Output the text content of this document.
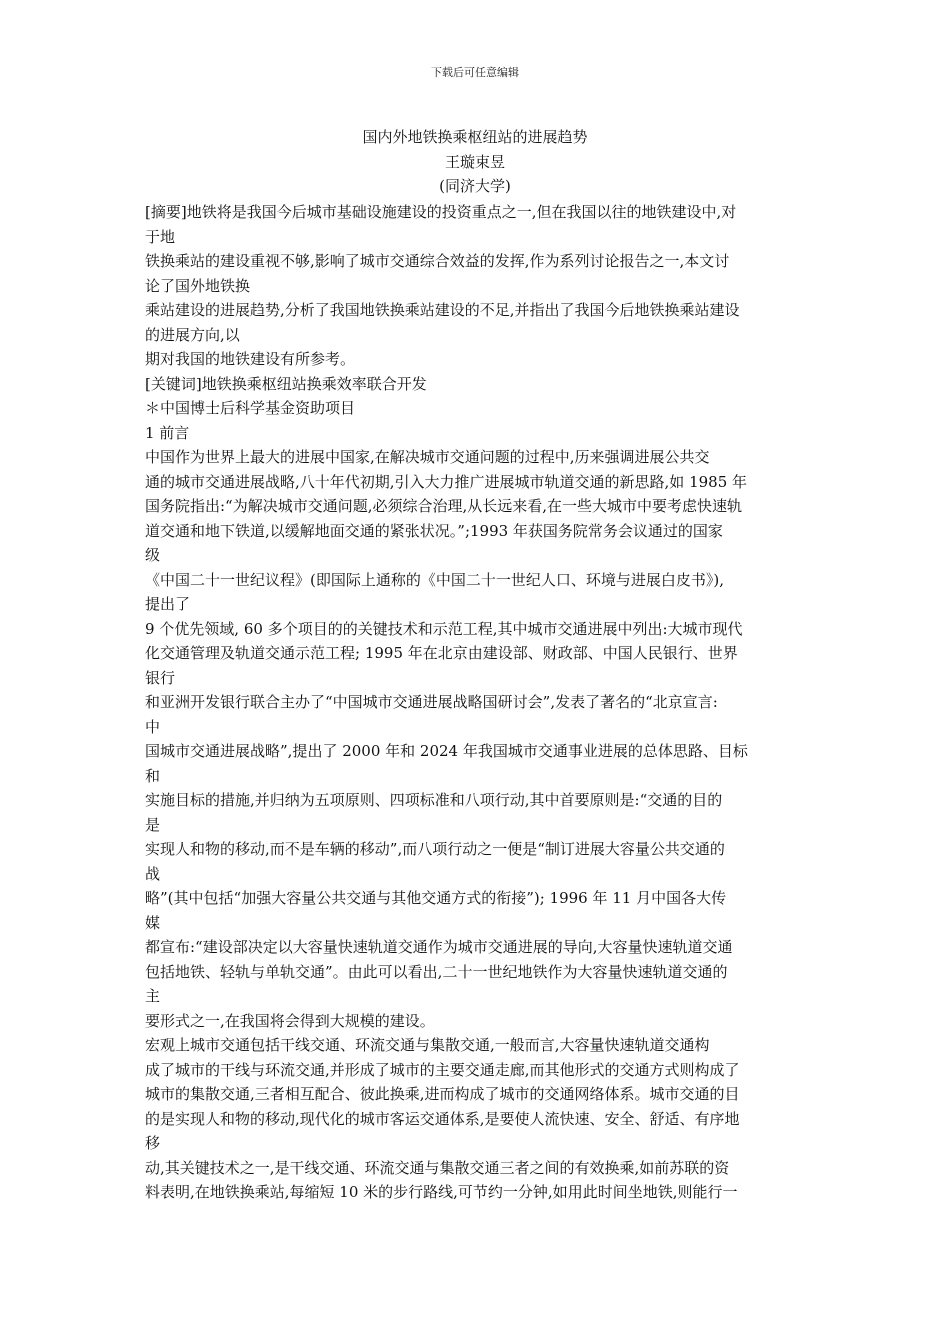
下载后可任意编辑
国内外地铁换乘枢纽站的进展趋势
王璇束昱
(同济大学)
[摘要]地铁将是我国今后城市基础设施建设的投资重点之一,但在我国以往的地铁建设中,对
于地
铁换乘站的建设重视不够,影响了城市交通综合效益的发挥,作为系列讨论报告之一,本文讨
论了国外地铁换
乘站建设的进展趋势,分析了我国地铁换乘站建设的不足,并指出了我国今后地铁换乘站建设
的进展方向,以
期对我国的地铁建设有所参考。
[关键词]地铁换乘枢纽站换乘效率联合开发
＊中国博士后科学基金资助项目
1 前言
中国作为世界上最大的进展中国家,在解决城市交通问题的过程中,历来强调进展公共交
通的城市交通进展战略,八十年代初期,引入大力推广进展城市轨道交通的新思路,如 1985 年
国务院指出:“为解决城市交通问题,必须综合治理,从长远来看,在一些大城市中要考虑快速轨
道交通和地下铁道,以缓解地面交通的紧张状况。”;1993 年获国务院常务会议通过的国家
级
《中国二十一世纪议程》(即国际上通称的《中国二十一世纪人口、环境与进展白皮书》),
提出了
9 个优先领域, 60 多个项目的的关键技术和示范工程,其中城市交通进展中列出:大城市现代
化交通管理及轨道交通示范工程; 1995 年在北京由建设部、财政部、中国人民银行、世界
银行
和亚洲开发银行联合主办了“中国城市交通进展战略国研讨会”,发表了著名的“北京宣言:
中
国城市交通进展战略”,提出了 2000 年和 2024 年我国城市交通事业进展的总体思路、目标
和
实施目标的措施,并归纳为五项原则、四项标准和八项行动,其中首要原则是:“交通的目的
是
实现人和物的移动,而不是车辆的移动”,而八项行动之一便是“制订进展大容量公共交通的
战
略”(其中包括“加强大容量公共交通与其他交通方式的衔接”); 1996 年 11 月中国各大传
媒
都宣布:“建设部决定以大容量快速轨道交通作为城市交通进展的导向,大容量快速轨道交通
包括地铁、轻轨与单轨交通”。由此可以看出,二十一世纪地铁作为大容量快速轨道交通的
主
要形式之一,在我国将会得到大规模的建设。
宏观上城市交通包括干线交通、环流交通与集散交通,一般而言,大容量快速轨道交通构
成了城市的干线与环流交通,并形成了城市的主要交通走廊,而其他形式的交通方式则构成了
城市的集散交通,三者相互配合、彼此换乘,进而构成了城市的交通网络体系。城市交通的目
的是实现人和物的移动,现代化的城市客运交通体系,是要使人流快速、安全、舒适、有序地
移
动,其关键技术之一,是干线交通、环流交通与集散交通三者之间的有效换乘,如前苏联的资
料表明,在地铁换乘站,每缩短 10 米的步行路线,可节约一分钟,如用此时间坐地铁,则能行一
